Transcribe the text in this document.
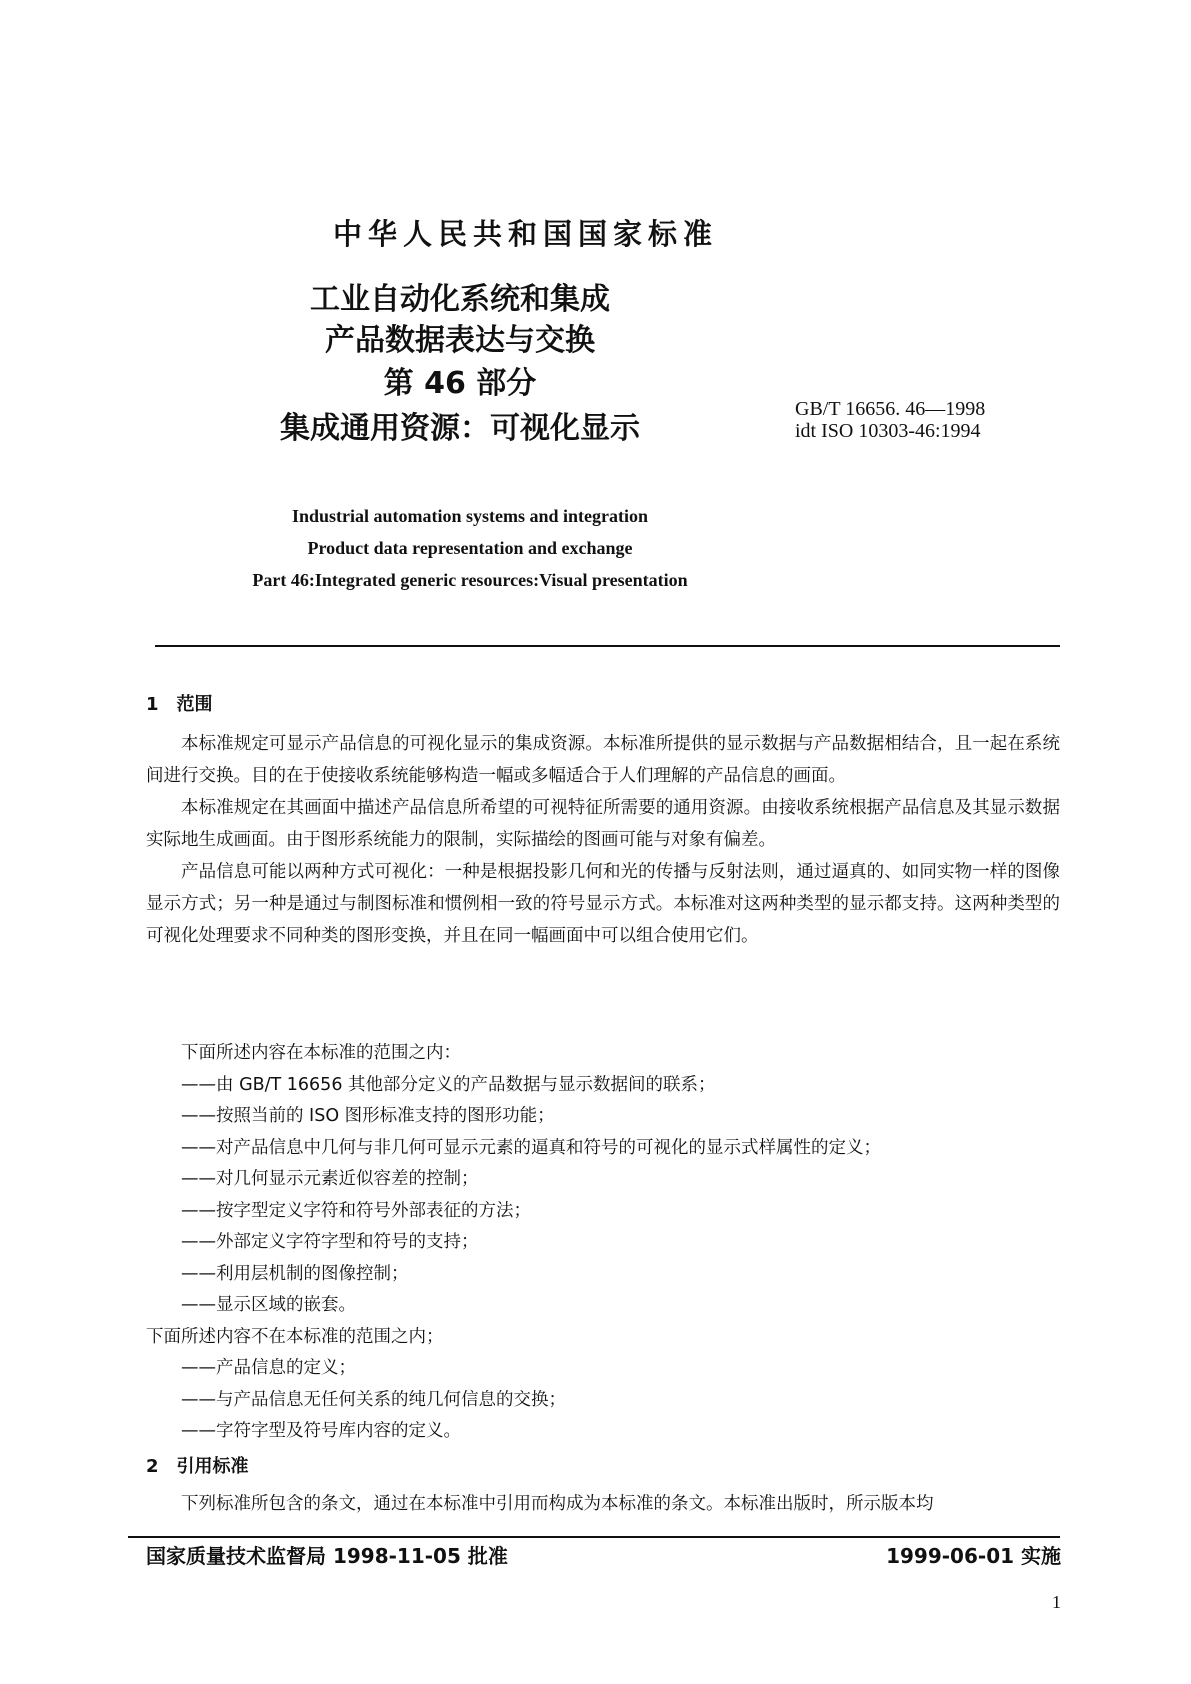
中华人民共和国国家标准
工业自动化系统和集成
产品数据表达与交换
第 46 部分
集成通用资源：可视化显示
GB/T 16656. 46—1998
idt ISO 10303-46:1994
Industrial automation systems and integration
Product data representation and exchange
Part 46:Integrated generic resources:Visual presentation
1　范围

本标准规定可显示产品信息的可视化显示的集成资源。本标准所提供的显示数据与产品数据相结合，且一起在系统间进行交换。目的在于使接收系统能够构造一幅或多幅适合于人们理解的产品信息的画面。

本标准规定在其画面中描述产品信息所希望的可视特征所需要的通用资源。由接收系统根据产品信息及其显示数据实际地生成画面。由于图形系统能力的限制，实际描绘的图画可能与对象有偏差。

产品信息可能以两种方式可视化：一种是根据投影几何和光的传播与反射法则，通过逼真的、如同实物一样的图像显示方式；另一种是通过与制图标准和惯例相一致的符号显示方式。本标准对这两种类型的显示都支持。这两种类型的可视化处理要求不同种类的图形变换，并且在同一幅画面中可以组合使用它们。

下面所述内容在本标准的范围之内：
——由 GB/T 16656 其他部分定义的产品数据与显示数据间的联系；
——按照当前的 ISO 图形标准支持的图形功能；
——对产品信息中几何与非几何可显示元素的逼真和符号的可视化的显示式样属性的定义；
——对几何显示元素近似容差的控制；
——按字型定义字符和符号外部表征的方法；
——外部定义字符字型和符号的支持；
——利用层机制的图像控制；
——显示区域的嵌套。
下面所述内容不在本标准的范围之内；
——产品信息的定义；
——与产品信息无任何关系的纯几何信息的交换；
——字符字型及符号库内容的定义。
2　引用标准

下列标准所包含的条文，通过在本标准中引用而构成为本标准的条文。本标准出版时，所示版本均

国家质量技术监督局 1998-11-05 批准	1999-06-01 实施
1
